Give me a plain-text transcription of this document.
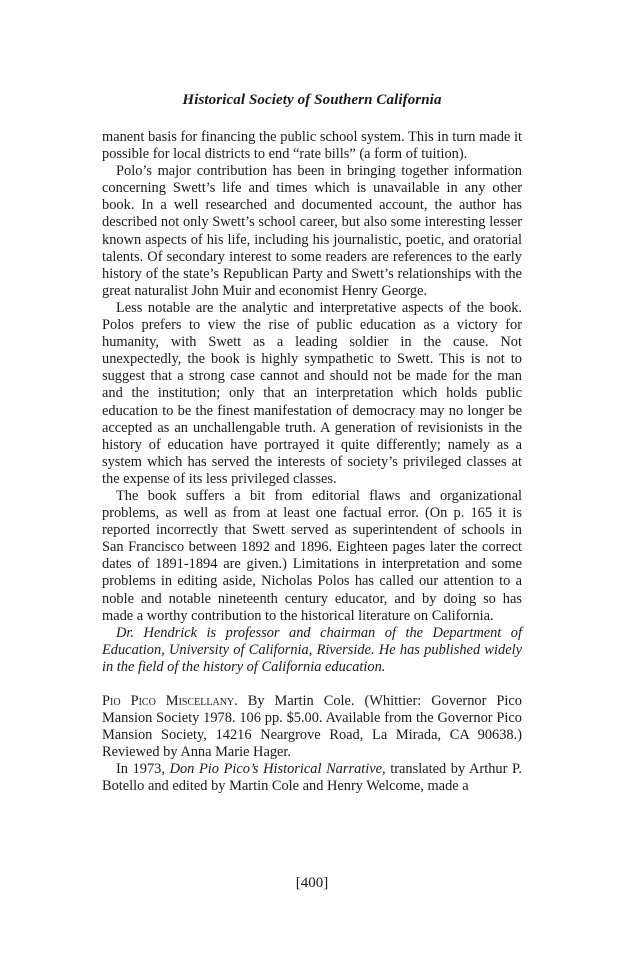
Historical Society of Southern California

manent basis for financing the public school system. This in turn made it possible for local districts to end “rate bills” (a form of tuition).

Polo’s major contribution has been in bringing together information concerning Swett’s life and times which is unavailable in any other book. In a well researched and documented account, the author has described not only Swett’s school career, but also some interesting lesser known aspects of his life, including his journalistic, poetic, and oratorial talents. Of secondary interest to some readers are references to the early history of the state’s Republican Party and Swett’s relationships with the great naturalist John Muir and economist Henry George.

Less notable are the analytic and interpretative aspects of the book. Polos prefers to view the rise of public education as a victory for humanity, with Swett as a leading soldier in the cause. Not unexpectedly, the book is highly sympathetic to Swett. This is not to suggest that a strong case cannot and should not be made for the man and the institution; only that an interpretation which holds public education to be the finest manifestation of democracy may no longer be accepted as an unchallengable truth. A generation of revisionists in the history of education have portrayed it quite differently; namely as a system which has served the interests of society’s privileged classes at the expense of its less privileged classes.

The book suffers a bit from editorial flaws and organizational problems, as well as from at least one factual error. (On p. 165 it is reported incorrectly that Swett served as superintendent of schools in San Francisco between 1892 and 1896. Eighteen pages later the correct dates of 1891-1894 are given.) Limitations in interpretation and some problems in editing aside, Nicholas Polos has called our attention to a noble and notable nineteenth century educator, and by doing so has made a worthy contribution to the historical literature on California.

Dr. Hendrick is professor and chairman of the Department of Education, University of California, Riverside. He has published widely in the field of the history of California education.

Pio Pico Miscellany. By Martin Cole. (Whittier: Governor Pico Mansion Society 1978. 106 pp. $5.00. Available from the Governor Pico Mansion Society, 14216 Neargrove Road, La Mirada, CA 90638.) Reviewed by Anna Marie Hager.

In 1973, Don Pio Pico’s Historical Narrative, translated by Arthur P. Botello and edited by Martin Cole and Henry Welcome, made a

[400]
